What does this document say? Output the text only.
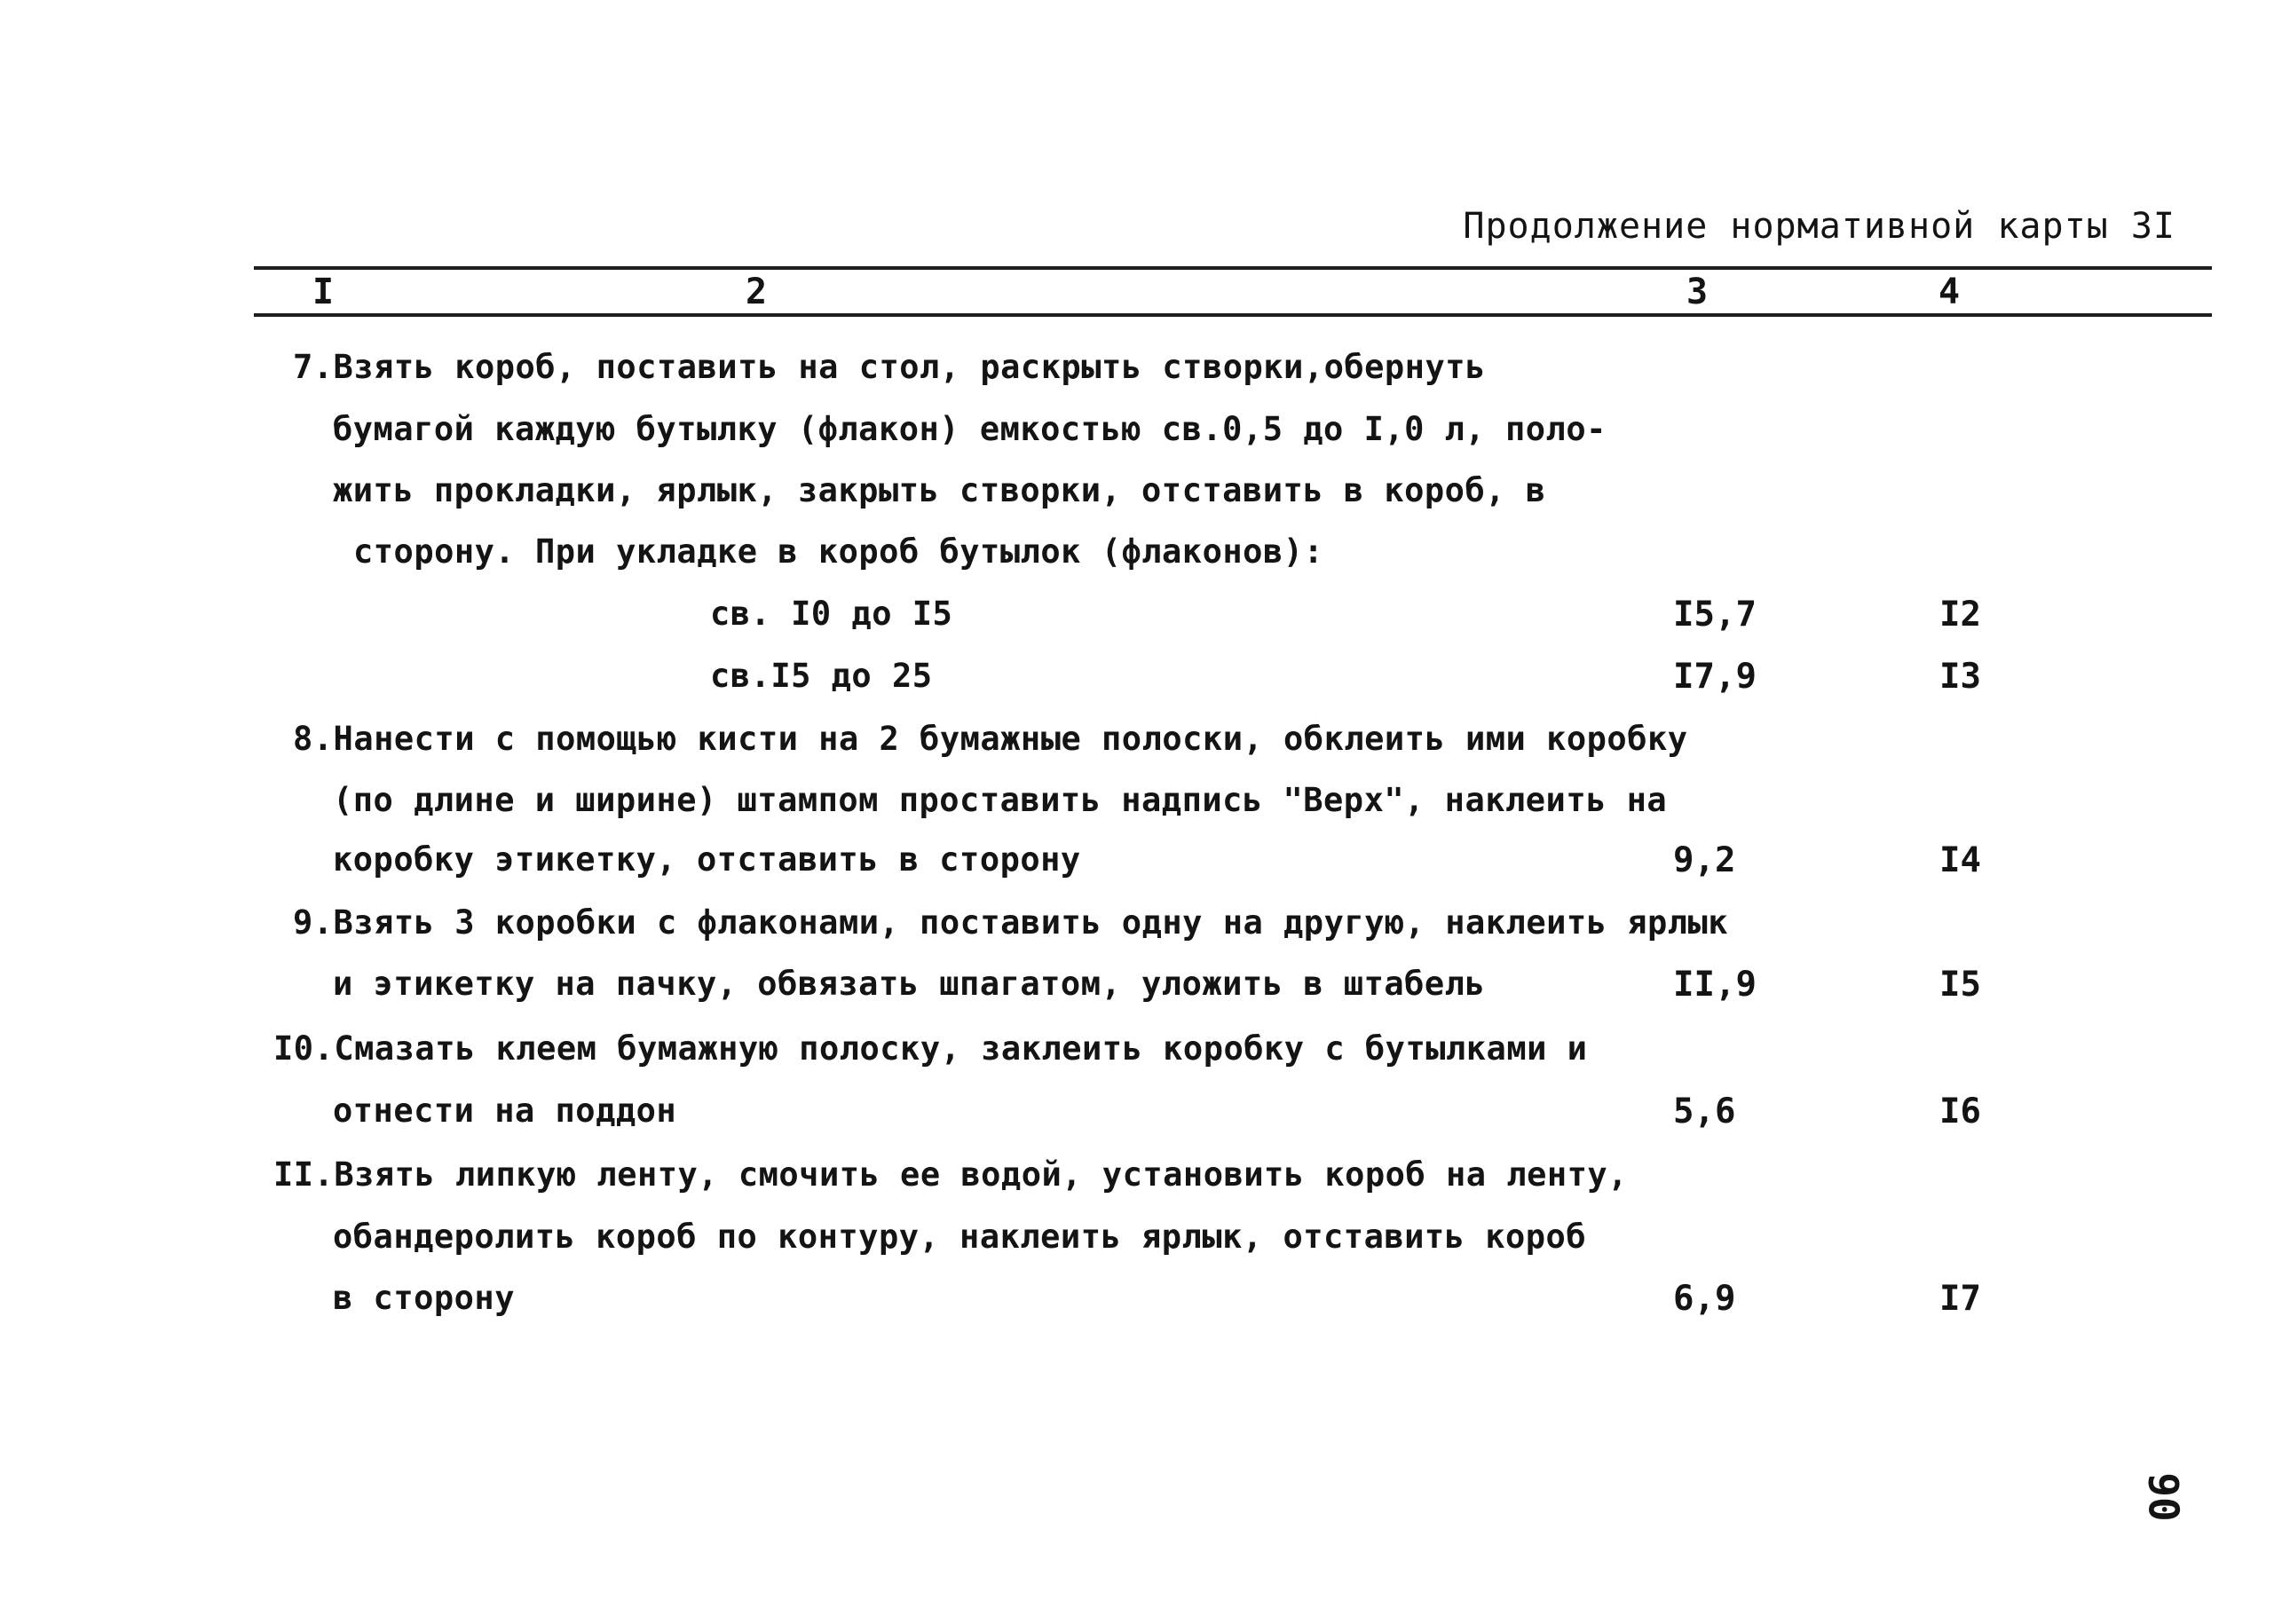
Продолжение нормативной карты 3I
I	2	3	4
7.Взять короб, поставить на стол, раскрыть створки,обернуть
бумагой каждую бутылку (флакон) емкостью св.0,5 до I,0 л, поло-
жить прокладки, ярлык, закрыть створки, отставить в короб, в
сторону. При укладке в короб бутылок (флаконов):
св. I0 до I5	I5,7	I2
св.I5 до 25	I7,9	I3
8.Нанести с помощью кисти на 2 бумажные полоски, обклеить ими коробку
(по длине и ширине) штампом проставить надпись "Верх", наклеить на
коробку этикетку, отставить в сторону	9,2	I4
9.Взять 3 коробки с флаконами, поставить одну на другую, наклеить ярлык
и этикетку на пачку, обвязать шпагатом, уложить в штабель	II,9	I5
I0.Смазать клеем бумажную полоску, заклеить коробку с бутылками и
отнести на поддон	5,6	I6
II.Взять липкую ленту, смочить ее водой, установить короб на ленту,
обандеролить короб по контуру, наклеить ярлык, отставить короб
в сторону	6,9	I7
90
